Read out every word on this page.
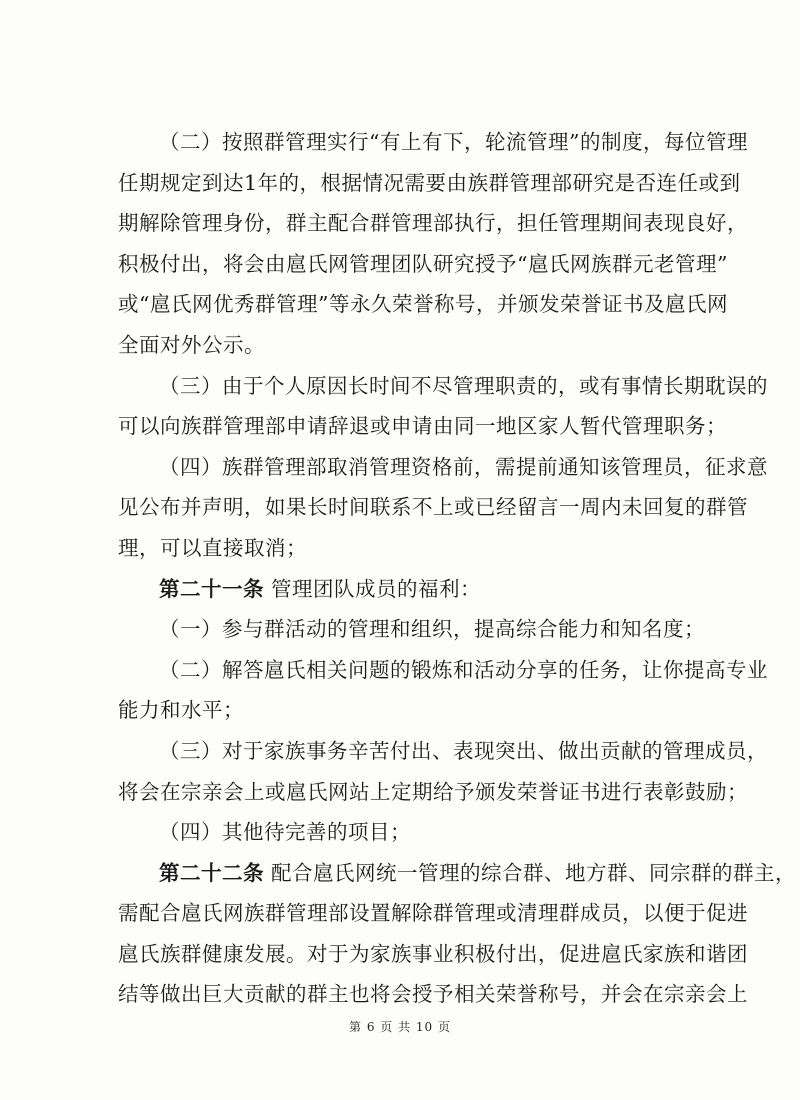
（二）按照群管理实行“有上有下，轮流管理”的制度，每位管理
任期规定到达1年的，根据情况需要由族群管理部研究是否连任或到
期解除管理身份，群主配合群管理部执行，担任管理期间表现良好，
积极付出，将会由扈氏网管理团队研究授予“扈氏网族群元老管理”
或“扈氏网优秀群管理”等永久荣誉称号，并颁发荣誉证书及扈氏网
全面对外公示。
（三）由于个人原因长时间不尽管理职责的，或有事情长期耽误的
可以向族群管理部申请辞退或申请由同一地区家人暂代管理职务；
（四）族群管理部取消管理资格前，需提前通知该管理员，征求意
见公布并声明，如果长时间联系不上或已经留言一周内未回复的群管
理，可以直接取消；
第二十一条 管理团队成员的福利：
（一）参与群活动的管理和组织，提高综合能力和知名度；
（二）解答扈氏相关问题的锻炼和活动分享的任务，让你提高专业
能力和水平；
（三）对于家族事务辛苦付出、表现突出、做出贡献的管理成员，
将会在宗亲会上或扈氏网站上定期给予颁发荣誉证书进行表彰鼓励；
（四）其他待完善的项目；
第二十二条 配合扈氏网统一管理的综合群、地方群、同宗群的群主，
需配合扈氏网族群管理部设置解除群管理或清理群成员，以便于促进
扈氏族群健康发展。对于为家族事业积极付出，促进扈氏家族和谐团
结等做出巨大贡献的群主也将会授予相关荣誉称号，并会在宗亲会上
第 6 页 共 10 页
